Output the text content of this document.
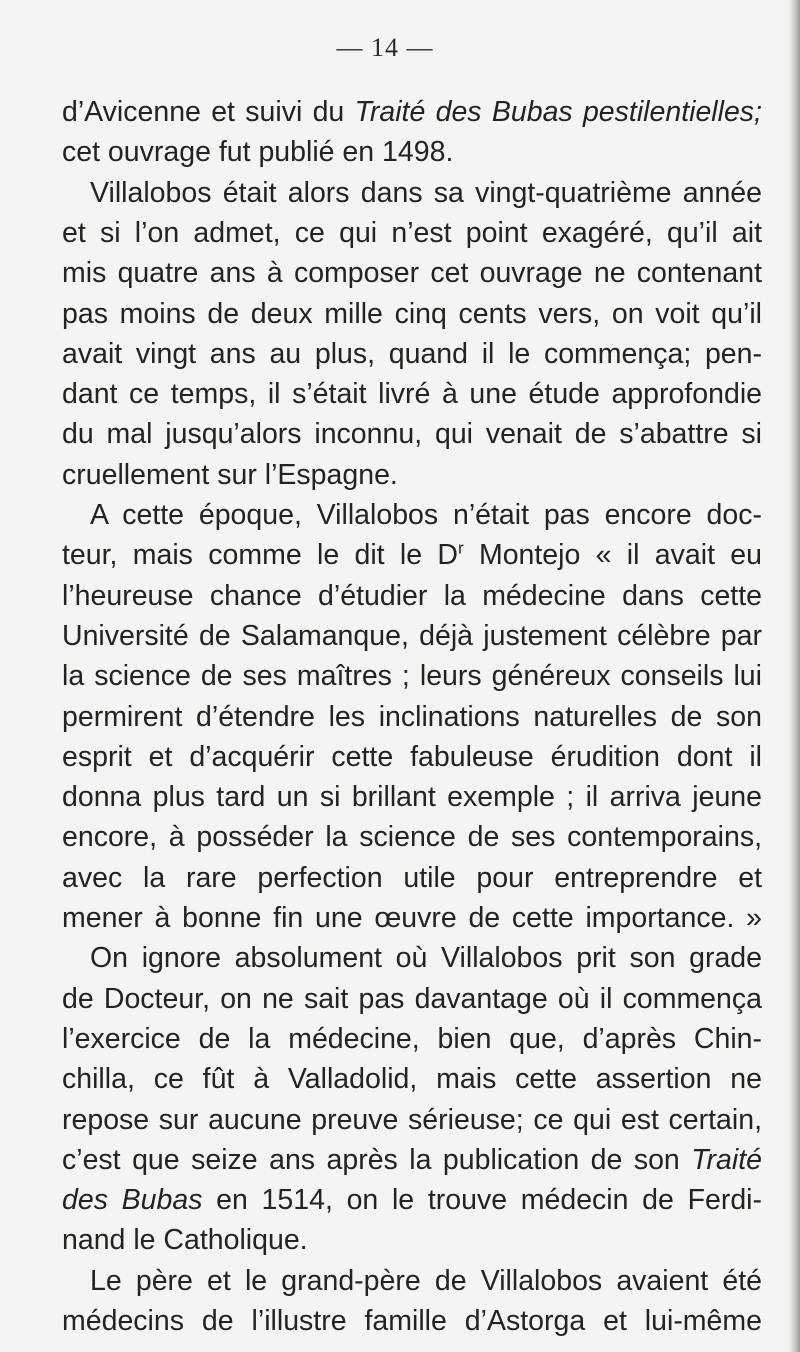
— 14 —
d’Avicenne et suivi du Traité des Bubas pestilentielles;
cet ouvrage fut publié en 1498.
Villalobos était alors dans sa vingt-quatrième année
et si l’on admet, ce qui n’est point exagéré, qu’il ait
mis quatre ans à composer cet ouvrage ne contenant
pas moins de deux mille cinq cents vers, on voit qu’il
avait vingt ans au plus, quand il le commença; pen-
dant ce temps, il s’était livré à une étude approfondie
du mal jusqu’alors inconnu, qui venait de s’abattre si
cruellement sur l’Espagne.
A cette époque, Villalobos n’était pas encore doc-
teur, mais comme le dit le $D^r$ Montejo « il avait eu
l’heureuse chance d’étudier la médecine dans cette
Université de Salamanque, déjà justement célèbre par
la science de ses maîtres ; leurs généreux conseils lui
permirent d’étendre les inclinations naturelles de son
esprit et d’acquérir cette fabuleuse érudition dont il
donna plus tard un si brillant exemple ; il arriva jeune
encore, à posséder la science de ses contemporains,
avec la rare perfection utile pour entreprendre et
mener à bonne fin une œuvre de cette importance. »
On ignore absolument où Villalobos prit son grade
de Docteur, on ne sait pas davantage où il commença
l’exercice de la médecine, bien que, d’après Chin-
chilla, ce fût à Valladolid, mais cette assertion ne
repose sur aucune preuve sérieuse; ce qui est certain,
c’est que seize ans après la publication de son Traité
des Bubas en 1514, on le trouve médecin de Ferdi-
nand le Catholique.
Le père et le grand-père de Villalobos avaient été
médecins de l’illustre famille d’Astorga et lui-même
